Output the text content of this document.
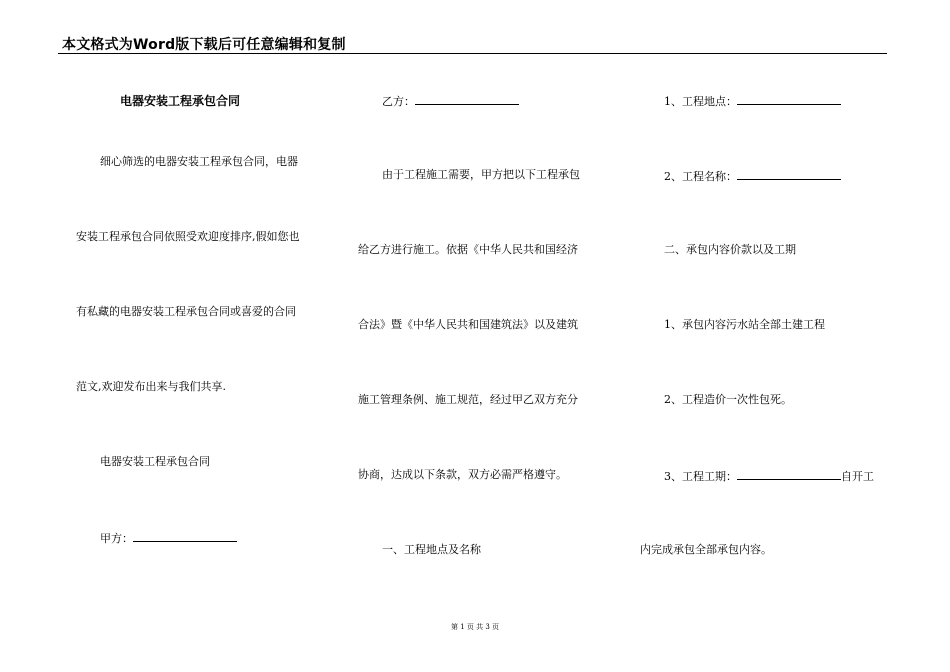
本文格式为Word版下载后可任意编辑和复制
电器安装工程承包合同
细心筛选的电器安装工程承包合同，电器
安装工程承包合同依照受欢迎度排序,假如您也
有私藏的电器安装工程承包合同或喜爱的合同
范文,欢迎发布出来与我们共享.
电器安装工程承包合同
甲方：
乙方：
由于工程施工需要，甲方把以下工程承包
给乙方进行施工。依据《中华人民共和国经济
合法》暨《中华人民共和国建筑法》以及建筑
施工管理条例、施工规范，经过甲乙双方充分
协商，达成以下条款，双方必需严格遵守。
一、工程地点及名称
1、工程地点：
2、工程名称：
二、承包内容价款以及工期
1、承包内容污水站全部土建工程
2、工程造价一次性包死。
3、工程工期：	自开工
内完成承包全部承包内容。
第 1 页 共 3 页
